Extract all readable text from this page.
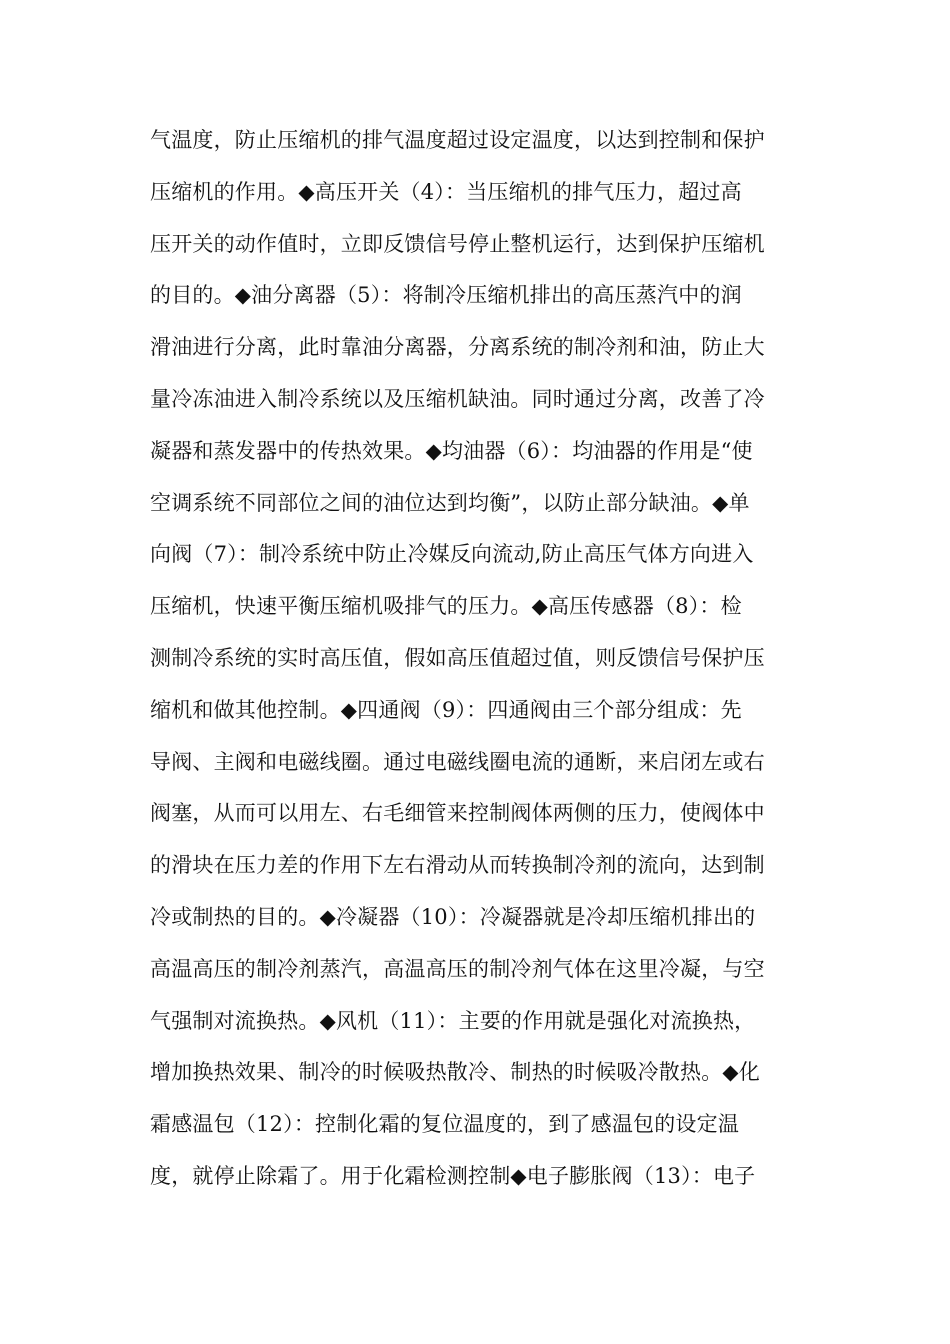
气温度，防止压缩机的排气温度超过设定温度，以达到控制和保护
压缩机的作用。◆高压开关（4）：当压缩机的排气压力，超过高
压开关的动作值时，立即反馈信号停止整机运行，达到保护压缩机
的目的。◆油分离器（5）：将制冷压缩机排出的高压蒸汽中的润
滑油进行分离，此时靠油分离器，分离系统的制冷剂和油，防止大
量冷冻油进入制冷系统以及压缩机缺油。同时通过分离，改善了冷
凝器和蒸发器中的传热效果。◆均油器（6）：均油器的作用是“使
空调系统不同部位之间的油位达到均衡”，以防止部分缺油。◆单
向阀（7）：制冷系统中防止冷媒反向流动,防止高压气体方向进入
压缩机，快速平衡压缩机吸排气的压力。◆高压传感器（8）：检
测制冷系统的实时高压值，假如高压值超过值，则反馈信号保护压
缩机和做其他控制。◆四通阀（9）：四通阀由三个部分组成：先
导阀、主阀和电磁线圈。通过电磁线圈电流的通断，来启闭左或右
阀塞，从而可以用左、右毛细管来控制阀体两侧的压力，使阀体中
的滑块在压力差的作用下左右滑动从而转换制冷剂的流向，达到制
冷或制热的目的。◆冷凝器（10）：冷凝器就是冷却压缩机排出的
高温高压的制冷剂蒸汽，高温高压的制冷剂气体在这里冷凝，与空
气强制对流换热。◆风机（11）：主要的作用就是强化对流换热，
增加换热效果、制冷的时候吸热散冷、制热的时候吸冷散热。◆化
霜感温包（12）：控制化霜的复位温度的，到了感温包的设定温
度，就停止除霜了。用于化霜检测控制◆电子膨胀阀（13）：电子
